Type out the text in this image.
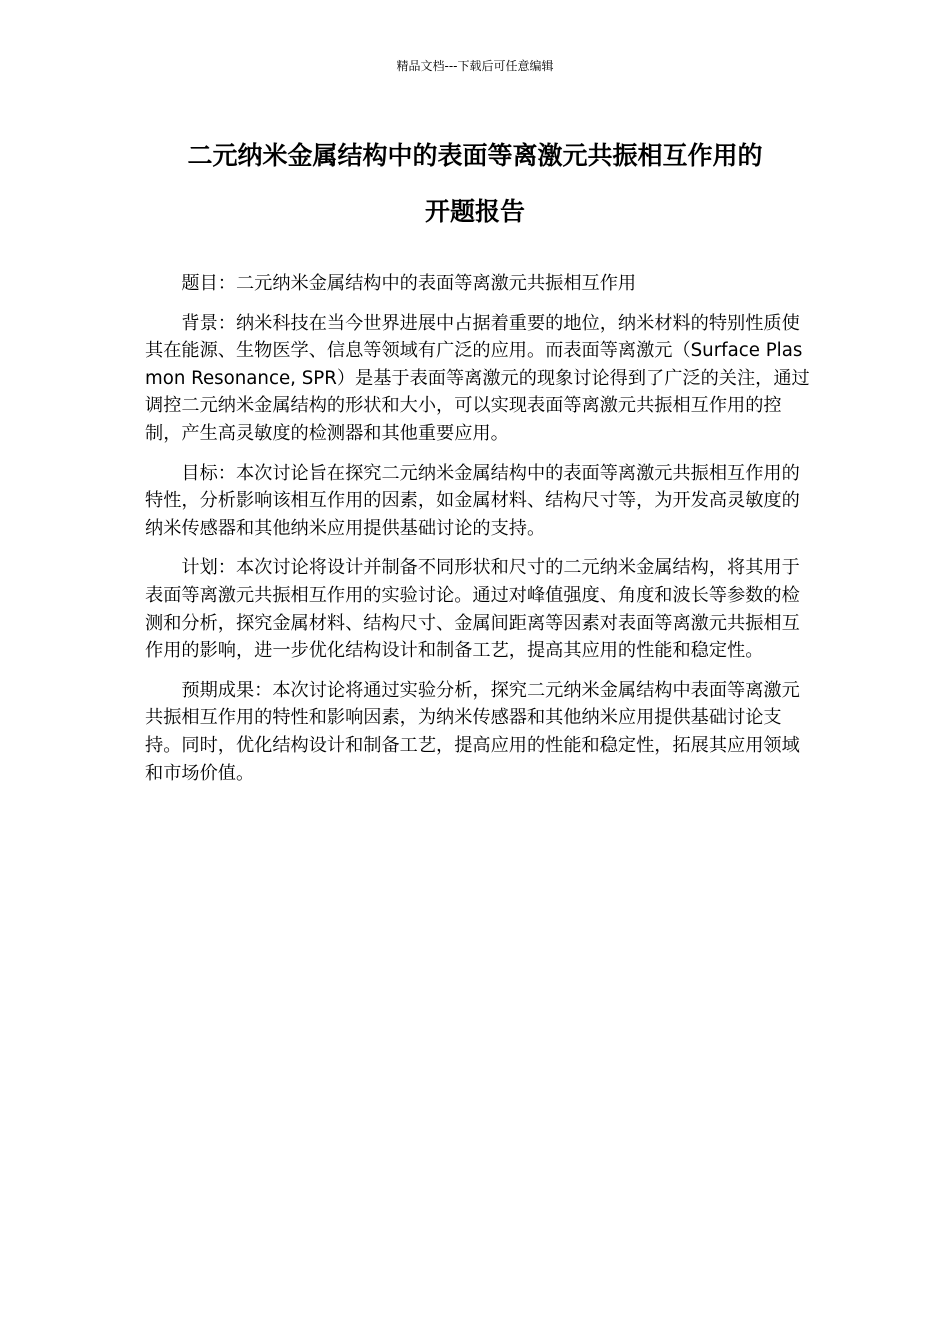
精品文档---下载后可任意编辑
二元纳米金属结构中的表面等离激元共振相互作用的
开题报告

题目：二元纳米金属结构中的表面等离激元共振相互作用

背景：纳米科技在当今世界进展中占据着重要的地位，纳米材料的特别性质使其在能源、生物医学、信息等领域有广泛的应用。而表面等离激元（Surface Plasmon Resonance, SPR）是基于表面等离激元的现象讨论得到了广泛的关注，通过调控二元纳米金属结构的形状和大小，可以实现表面等离激元共振相互作用的控制，产生高灵敏度的检测器和其他重要应用。

目标：本次讨论旨在探究二元纳米金属结构中的表面等离激元共振相互作用的特性，分析影响该相互作用的因素，如金属材料、结构尺寸等，为开发高灵敏度的纳米传感器和其他纳米应用提供基础讨论的支持。

计划：本次讨论将设计并制备不同形状和尺寸的二元纳米金属结构，将其用于表面等离激元共振相互作用的实验讨论。通过对峰值强度、角度和波长等参数的检测和分析，探究金属材料、结构尺寸、金属间距离等因素对表面等离激元共振相互作用的影响，进一步优化结构设计和制备工艺，提高其应用的性能和稳定性。

预期成果：本次讨论将通过实验分析，探究二元纳米金属结构中表面等离激元共振相互作用的特性和影响因素，为纳米传感器和其他纳米应用提供基础讨论支持。同时，优化结构设计和制备工艺，提高应用的性能和稳定性，拓展其应用领域和市场价值。
